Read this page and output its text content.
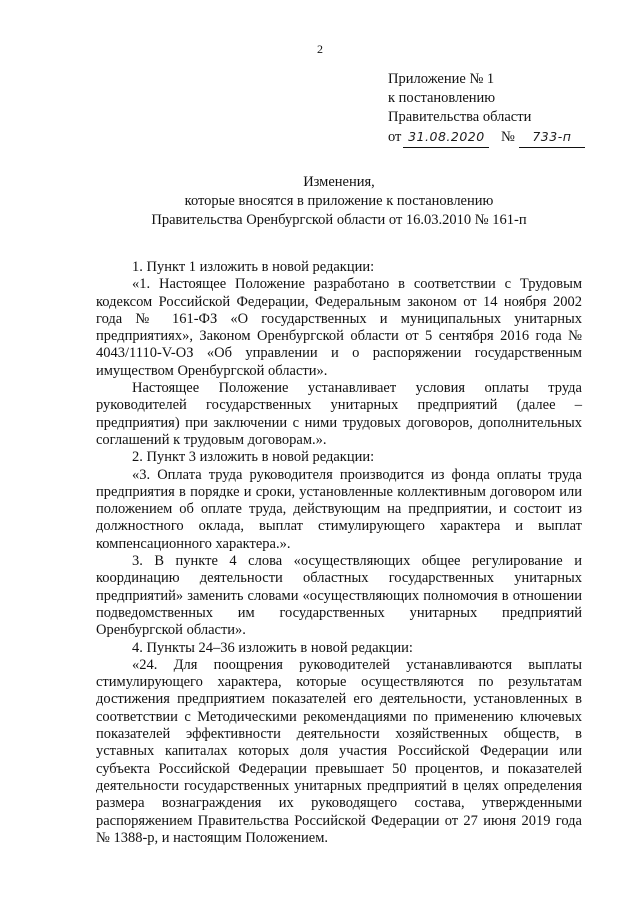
2
Приложение № 1
к постановлению
Правительства области
от 31.08.2020 № 733-п
Изменения,
которые вносятся в приложение к постановлению
Правительства Оренбургской области от 16.03.2010 № 161-п

1. Пункт 1 изложить в новой редакции:

«1. Настоящее Положение разработано в соответствии с Трудовым кодексом Российской Федерации, Федеральным законом от 14 ноября 2002 года № 161-ФЗ «О государственных и муниципальных унитарных предприятиях», Законом Оренбургской области от 5 сентября 2016 года № 4043/1110-V-ОЗ «Об управлении и о распоряжении государственным имуществом Оренбургской области».

Настоящее Положение устанавливает условия оплаты труда руководителей государственных унитарных предприятий (далее – предприятия) при заключении с ними трудовых договоров, дополнительных соглашений к трудовым договорам.».

2. Пункт 3 изложить в новой редакции:

«3. Оплата труда руководителя производится из фонда оплаты труда предприятия в порядке и сроки, установленные коллективным договором или положением об оплате труда, действующим на предприятии, и состоит из должностного оклада, выплат стимулирующего характера и выплат компенсационного характера.».

3. В пункте 4 слова «осуществляющих общее регулирование и координацию деятельности областных государственных унитарных предприятий» заменить словами «осуществляющих полномочия в отношении подведомственных им государственных унитарных предприятий Оренбургской области».

4. Пункты 24–36 изложить в новой редакции:

«24. Для поощрения руководителей устанавливаются выплаты стимулирующего характера, которые осуществляются по результатам достижения предприятием показателей его деятельности, установленных в соответствии с Методическими рекомендациями по применению ключевых показателей эффективности деятельности хозяйственных обществ, в уставных капиталах которых доля участия Российской Федерации или субъекта Российской Федерации превышает 50 процентов, и показателей деятельности государственных унитарных предприятий в целях определения размера вознаграждения их руководящего состава, утвержденными распоряжением Правительства Российской Федерации от 27 июня 2019 года № 1388-р, и настоящим Положением.
